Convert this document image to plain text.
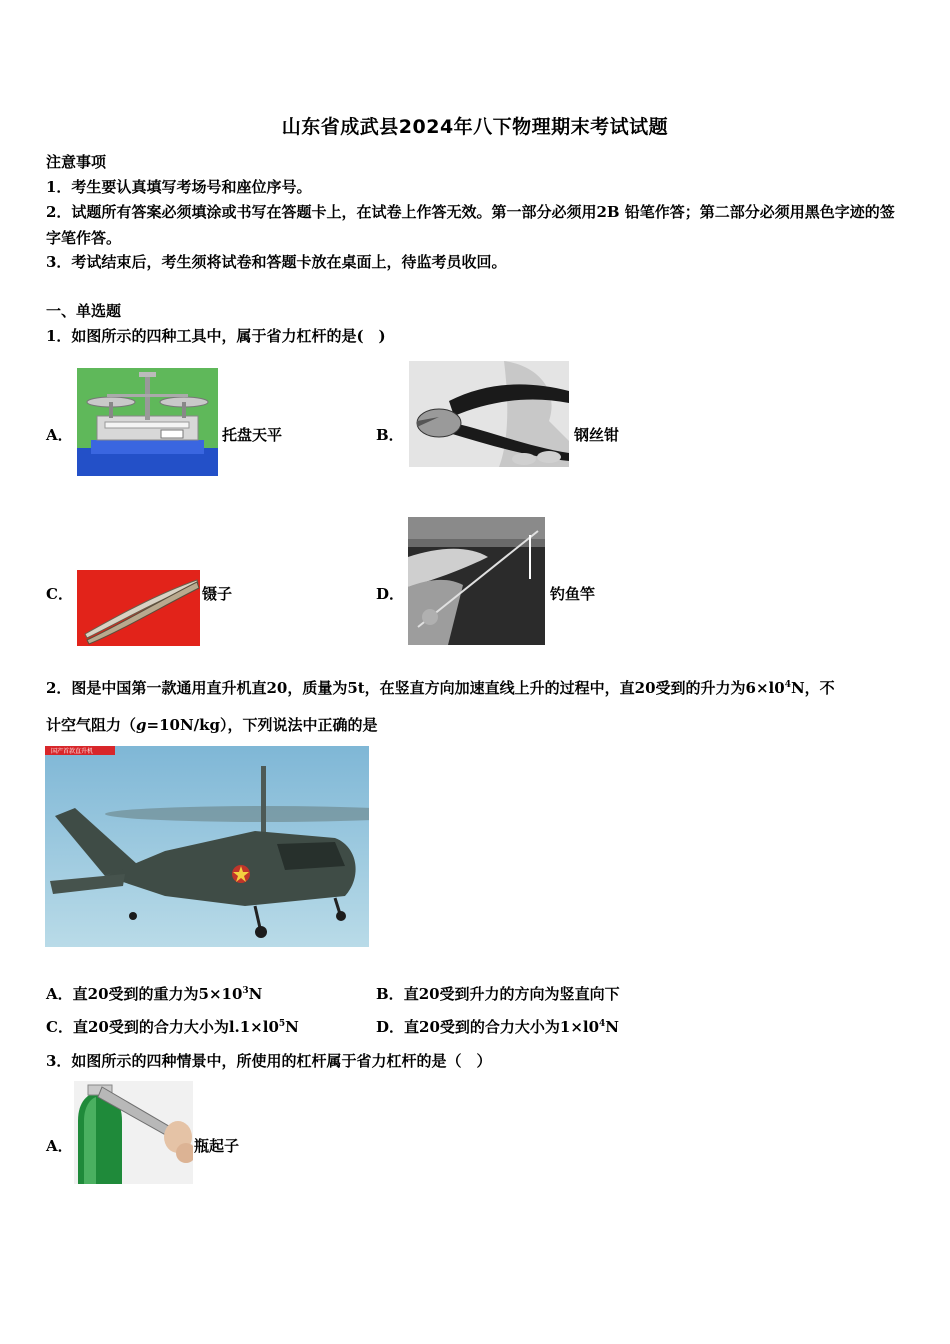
山东省成武县2024年八下物理期末考试试题
注意事项
1．考生要认真填写考场号和座位序号。
2．试题所有答案必须填涂或书写在答题卡上，在试卷上作答无效。第一部分必须用2B 铅笔作答；第二部分必须用黑色字迹的签字笔作答。
3．考试结束后，考生须将试卷和答题卡放在桌面上，待监考员收回。
一、单选题
1．如图所示的四种工具中，属于省力杠杆的是(　)
A．	托盘天平	B．	钢丝钳
C．	镊子	D．	钓鱼竿
2．图是中国第一款通用直升机直20，质量为5t，在竖直方向加速直线上升的过程中，直20受到的升力为$6\times l0^4N$，不
计空气阻力（g=10N/kg），下列说法中正确的是
国产首款直升机
A．直20受到的重力为$5\times 10^3N$	B．直20受到升力的方向为竖直向下
C．直20受到的合力大小为$l.1\times l0^5N$	D．直20受到的合力大小为$1\times l0^4N$
3．如图所示的四种情景中，所使用的杠杆属于省力杠杆的是（　）
A．	瓶起子
